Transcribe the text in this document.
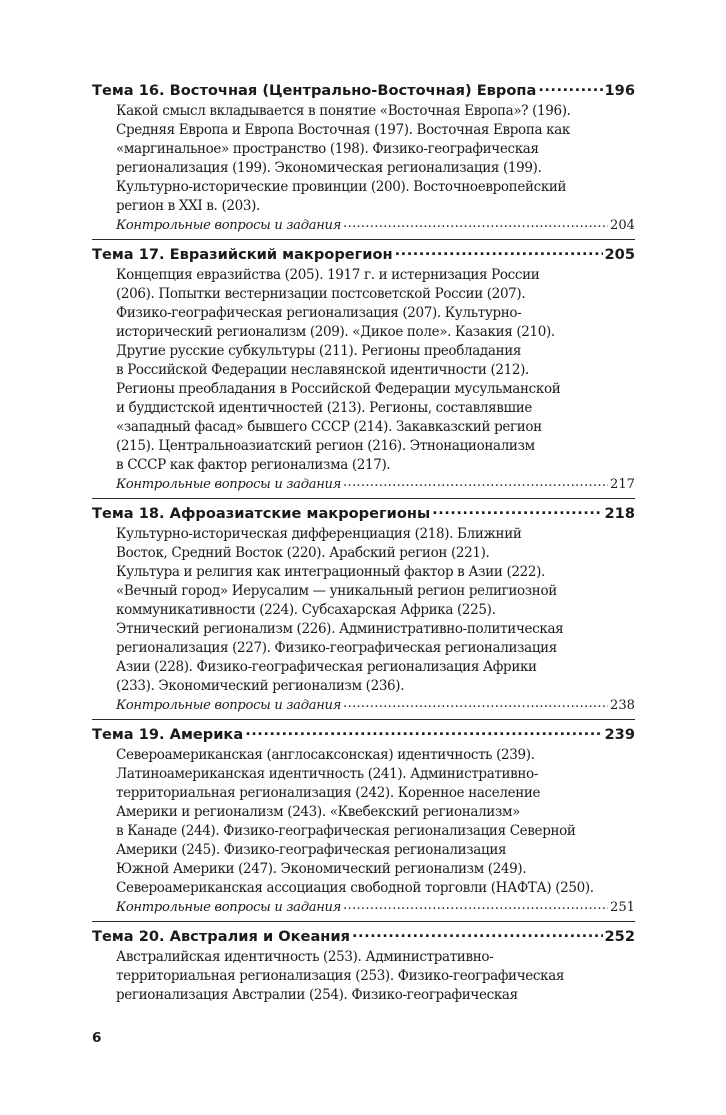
Тема 16. Восточная (Центрально-Восточная) Европа .....	196
Какой смысл вкладывается в понятие «Восточная Европа»? (196).
Средняя Европа и Европа Восточная (197). Восточная Европа как
«маргинальное» пространство (198). Физико-географическая
регионализация (199). Экономическая регионализация (199).
Культурно-исторические провинции (200). Восточноевропейский
регион в XXI в. (203).
Контрольные вопросы и задания .....	204
Тема 17. Евразийский макрорегион .....	205
Концепция евразийства (205). 1917 г. и истернизация России
(206). Попытки вестернизации постсоветской России (207).
Физико-географическая регионализация (207). Культурно-
исторический регионализм (209). «Дикое поле». Казакия (210).
Другие русские субкультуры (211). Регионы преобладания
в Российской Федерации неславянской идентичности (212).
Регионы преобладания в Российской Федерации мусульманской
и буддистской идентичностей (213). Регионы, составлявшие
«западный фасад» бывшего СССР (214). Закавказский регион
(215). Центральноазиатский регион (216). Этнонационализм
в СССР как фактор регионализма (217).
Контрольные вопросы и задания .....	217
Тема 18. Афроазиатские макрорегионы .....	218
Культурно-историческая дифференциация (218). Ближний
Восток, Средний Восток (220). Арабский регион (221).
Культура и религия как интеграционный фактор в Азии (222).
«Вечный город» Иерусалим — уникальный регион религиозной
коммуникативности (224). Субсахарская Африка (225).
Этнический регионализм (226). Административно-политическая
регионализация (227). Физико-географическая регионализация
Азии (228). Физико-географическая регионализация Африки
(233). Экономический регионализм (236).
Контрольные вопросы и задания .....	238
Тема 19. Америка .....	239
Североамериканская (англосаксонская) идентичность (239).
Латиноамериканская идентичность (241). Административно-
территориальная регионализация (242). Коренное население
Америки и регионализм (243). «Квебекский регионализм»
в Канаде (244). Физико-географическая регионализация Северной
Америки (245). Физико-географическая регионализация
Южной Америки (247). Экономический регионализм (249).
Североамериканская ассоциация свободной торговли (НАФТА) (250).
Контрольные вопросы и задания .....	251
Тема 20. Австралия и Океания .....	252
Австралийская идентичность (253). Административно-
территориальная регионализация (253). Физико-географическая
регионализация Австралии (254). Физико-географическая
6
